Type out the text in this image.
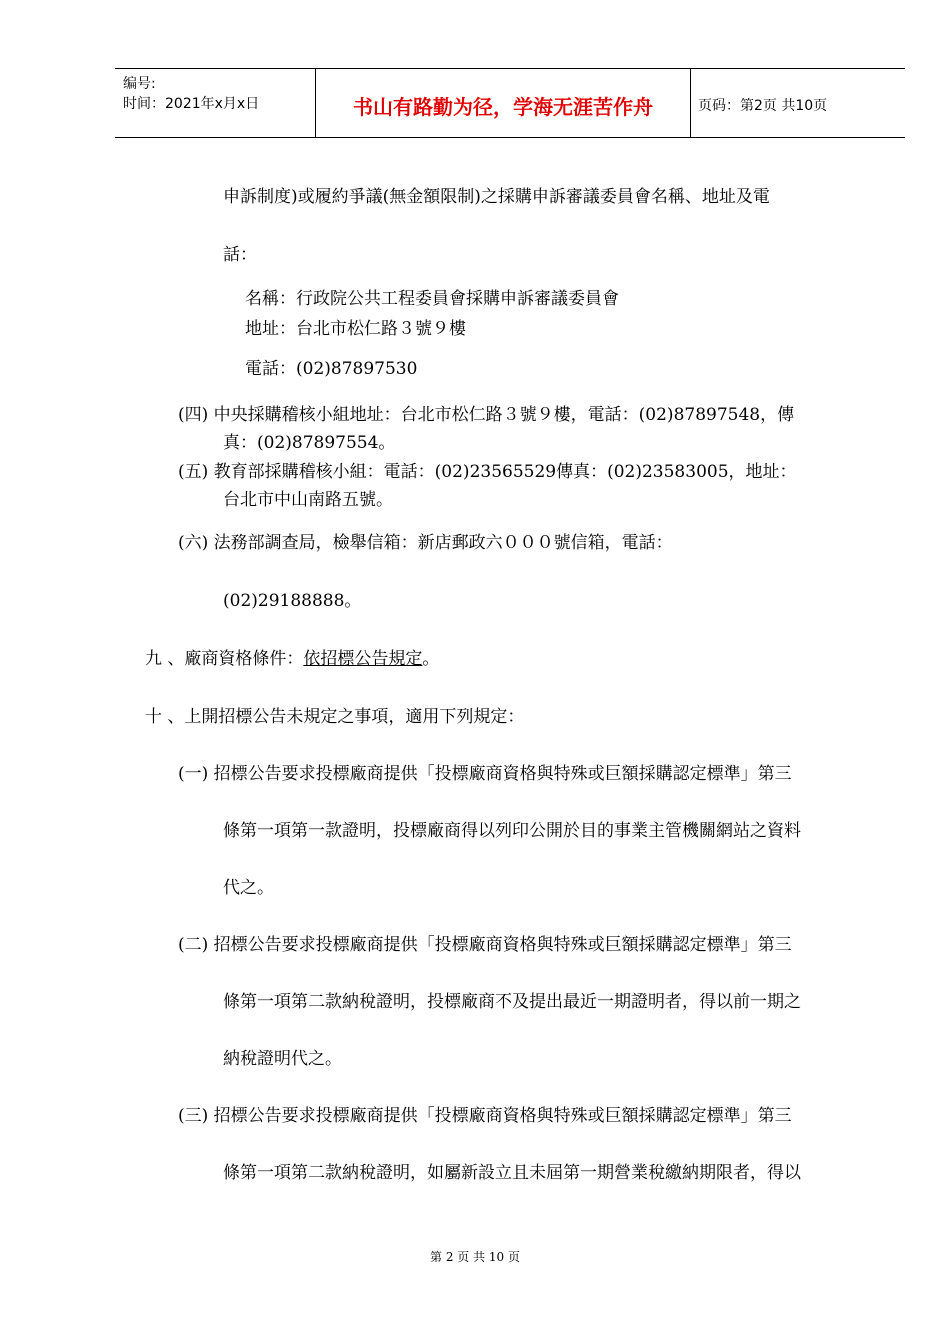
编号:
时间：2021年x月x日	书山有路勤为径，学海无涯苦作舟	页码：第2页 共10页
申訴制度)或履約爭議(無金額限制)之採購申訴審議委員會名稱、地址及電
話：
名稱：行政院公共工程委員會採購申訴審議委員會
地址：台北市松仁路３號９樓
電話：(02)87897530
(四) 中央採購稽核小組地址：台北市松仁路３號９樓，電話：(02)87897548，傳
真：(02)87897554。
(五) 教育部採購稽核小組：電話：(02)23565529傳真：(02)23583005，地址：
台北市中山南路五號。
(六) 法務部調查局，檢舉信箱：新店郵政六０００號信箱，電話：
(02)29188888。
九 、廠商資格條件：依招標公告規定。
十 、上開招標公告未規定之事項，適用下列規定：
(一) 招標公告要求投標廠商提供「投標廠商資格與特殊或巨額採購認定標準」第三
條第一項第一款證明，投標廠商得以列印公開於目的事業主管機關網站之資料
代之。
(二) 招標公告要求投標廠商提供「投標廠商資格與特殊或巨額採購認定標準」第三
條第一項第二款納稅證明，投標廠商不及提出最近一期證明者，得以前一期之
納稅證明代之。
(三) 招標公告要求投標廠商提供「投標廠商資格與特殊或巨額採購認定標準」第三
條第一項第二款納稅證明，如屬新設立且未屆第一期營業稅繳納期限者，得以
第 2 页 共 10 页
